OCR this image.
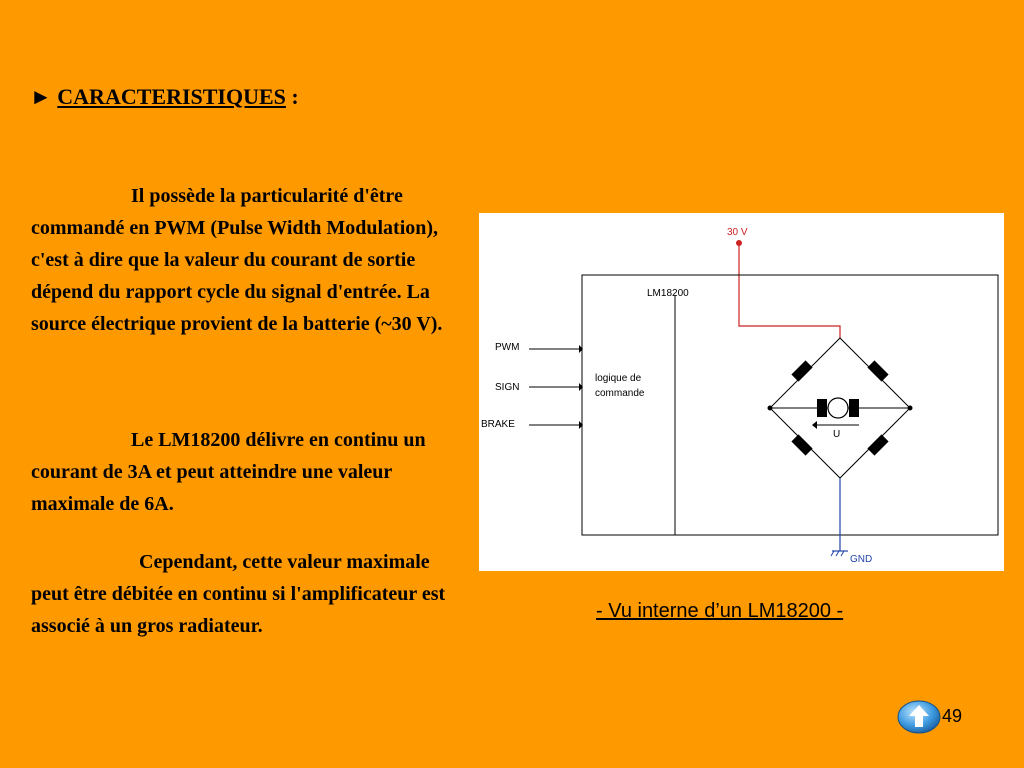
► CARACTERISTIQUES :

Il possède la particularité d'être commandé en PWM (Pulse Width Modulation), c'est à dire que la valeur du courant de sortie dépend du rapport cycle du signal d'entrée. La source électrique provient de la batterie (~30 V).

Le LM18200 délivre en continu un courant de 3A et peut atteindre une valeur maximale de 6A.

Cependant, cette valeur maximale peut être débitée en continu si l'amplificateur est associé à un gros radiateur.

30 V
LM18200
PWM
SIGN
BRAKE
logique de
commande
U
GND
- Vu interne d’un LM18200 -
49
